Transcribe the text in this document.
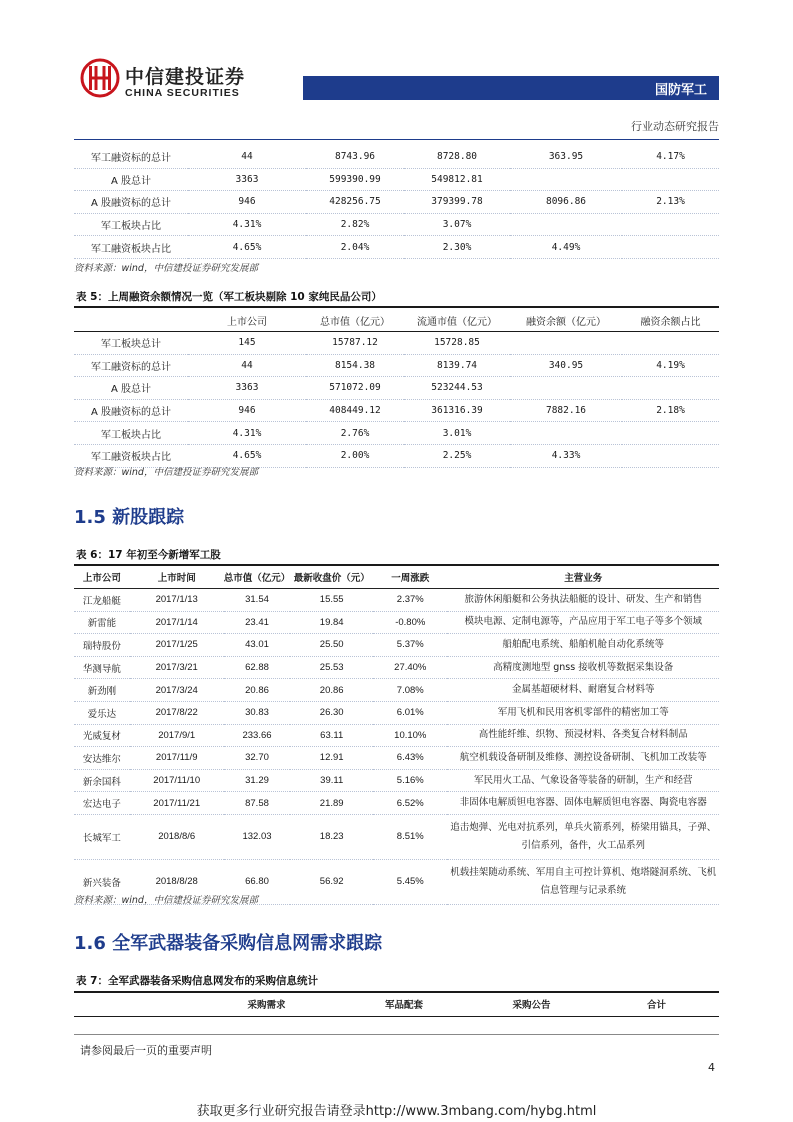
中信建投证券
CHINA SECURITIES	国防军工
行业动态研究报告
军工融资标的总计	44	8743.96	8728.80	363.95	4.17%
A 股总计	3363	599390.99	549812.81		
A 股融资标的总计	946	428256.75	379399.78	8096.86	2.13%
军工板块占比	4.31%	2.82%	3.07%		
军工融资板块占比	4.65%	2.04%	2.30%	4.49%	
资料来源：wind，中信建投证券研究发展部
表 5：上周融资余额情况一览（军工板块剔除 10 家纯民品公司）
	上市公司	总市值（亿元）	流通市值（亿元）	融资余额（亿元）	融资余额占比
军工板块总计	145	15787.12	15728.85		
军工融资标的总计	44	8154.38	8139.74	340.95	4.19%
A 股总计	3363	571072.09	523244.53		
A 股融资标的总计	946	408449.12	361316.39	7882.16	2.18%
军工板块占比	4.31%	2.76%	3.01%		
军工融资板块占比	4.65%	2.00%	2.25%	4.33%	
资料来源：wind，中信建投证券研究发展部
1.5 新股跟踪
表 6：17 年初至今新增军工股
上市公司	上市时间	总市值（亿元）	最新收盘价（元）	一周涨跌	主营业务
江龙船艇	2017/1/13	31.54	15.55	2.37%	旅游休闲船艇和公务执法船艇的设计、研发、生产和销售
新雷能	2017/1/14	23.41	19.84	-0.80%	模块电源、定制电源等，产品应用于军工电子等多个领域
瑞特股份	2017/1/25	43.01	25.50	5.37%	船舶配电系统、船舶机舱自动化系统等
华测导航	2017/3/21	62.88	25.53	27.40%	高精度测地型 gnss 接收机等数据采集设备
新劲刚	2017/3/24	20.86	20.86	7.08%	金属基超硬材料、耐磨复合材料等
爱乐达	2017/8/22	30.83	26.30	6.01%	军用飞机和民用客机零部件的精密加工等
光威复材	2017/9/1	233.66	63.11	10.10%	高性能纤维、织物、预浸材料、各类复合材料制品
安达维尔	2017/11/9	32.70	12.91	6.43%	航空机载设备研制及维修、测控设备研制、飞机加工改装等
新余国科	2017/11/10	31.29	39.11	5.16%	军民用火工品、气象设备等装备的研制，生产和经营
宏达电子	2017/11/21	87.58	21.89	6.52%	非固体电解质钽电容器、固体电解质钽电容器、陶瓷电容器
长城军工	2018/8/6	132.03	18.23	8.51%	追击炮弹、光电对抗系列，单兵火箭系列，桥梁用锚具，子弹、引信系列，备件，火工品系列
新兴装备	2018/8/28	66.80	56.92	5.45%	机载挂架随动系统、军用自主可控计算机、炮塔隧洞系统、飞机信息管理与记录系统
资料来源：wind，中信建投证券研究发展部
1.6 全军武器装备采购信息网需求跟踪
表 7：全军武器装备采购信息网发布的采购信息统计
	采购需求	军品配套	采购公告	合计
请参阅最后一页的重要声明
4
获取更多行业研究报告请登录http://www.3mbang.com/hybg.html
